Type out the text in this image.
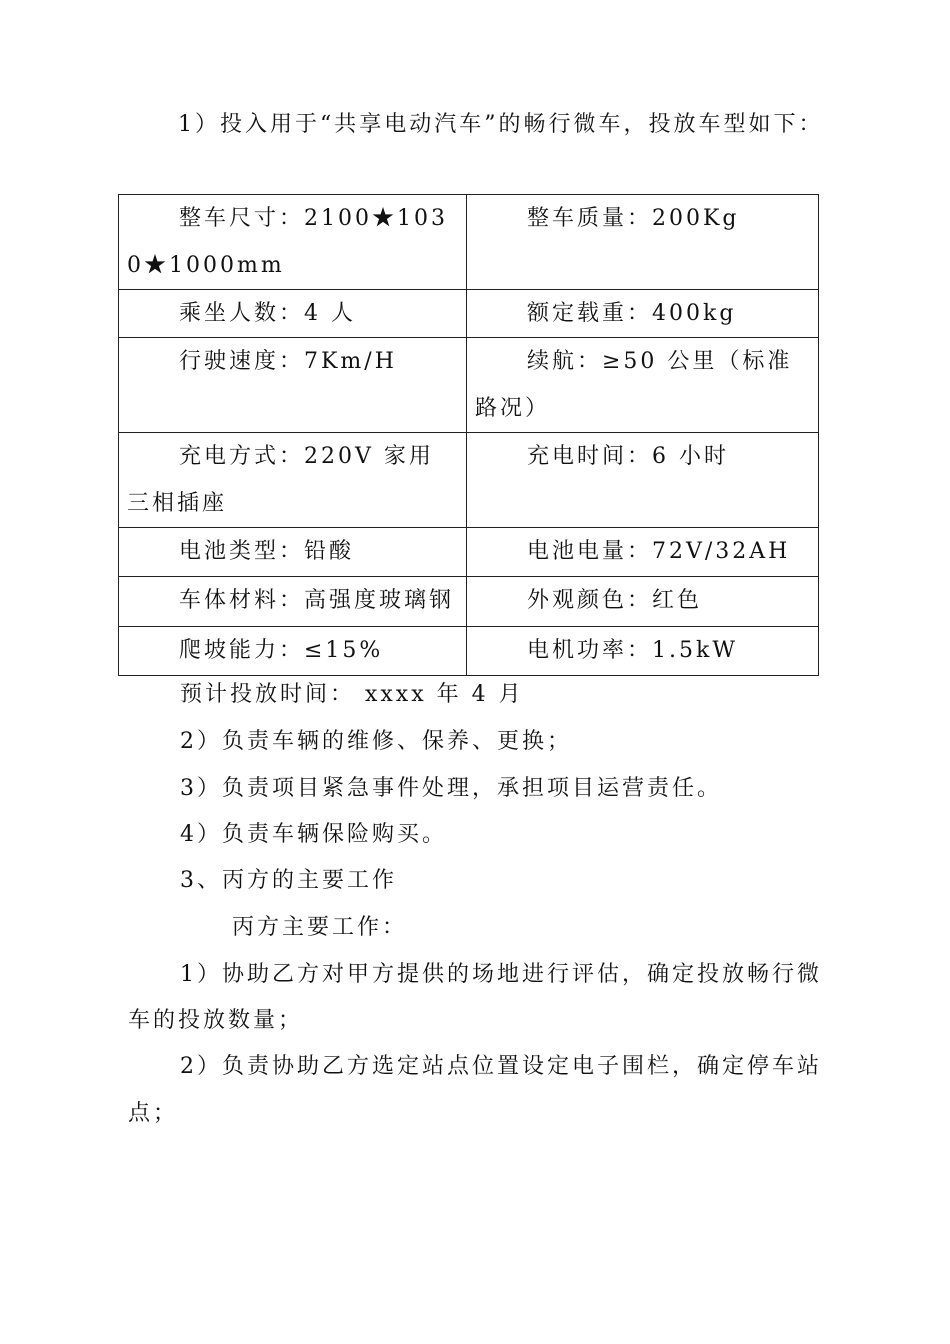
1）投入用于“共享电动汽车”的畅行微车，投放车型如下：
整车尺寸：2100★1030★1000mm	整车质量：200Kg
乘坐人数：4 人	额定载重：400kg
行驶速度：7Km/H	续航：≥50 公里（标准路况）
充电方式：220V 家用三相插座	充电时间：6 小时
电池类型：铅酸	电池电量：72V/32AH
车体材料：高强度玻璃钢	外观颜色：红色
爬坡能力：≤15%	电机功率：1.5kW
预计投放时间： xxxx 年 4 月
2）负责车辆的维修、保养、更换；
3）负责项目紧急事件处理，承担项目运营责任。
4）负责车辆保险购买。
3、丙方的主要工作
丙方主要工作：
1）协助乙方对甲方提供的场地进行评估，确定投放畅行微
车的投放数量；
2）负责协助乙方选定站点位置设定电子围栏，确定停车站
点；
